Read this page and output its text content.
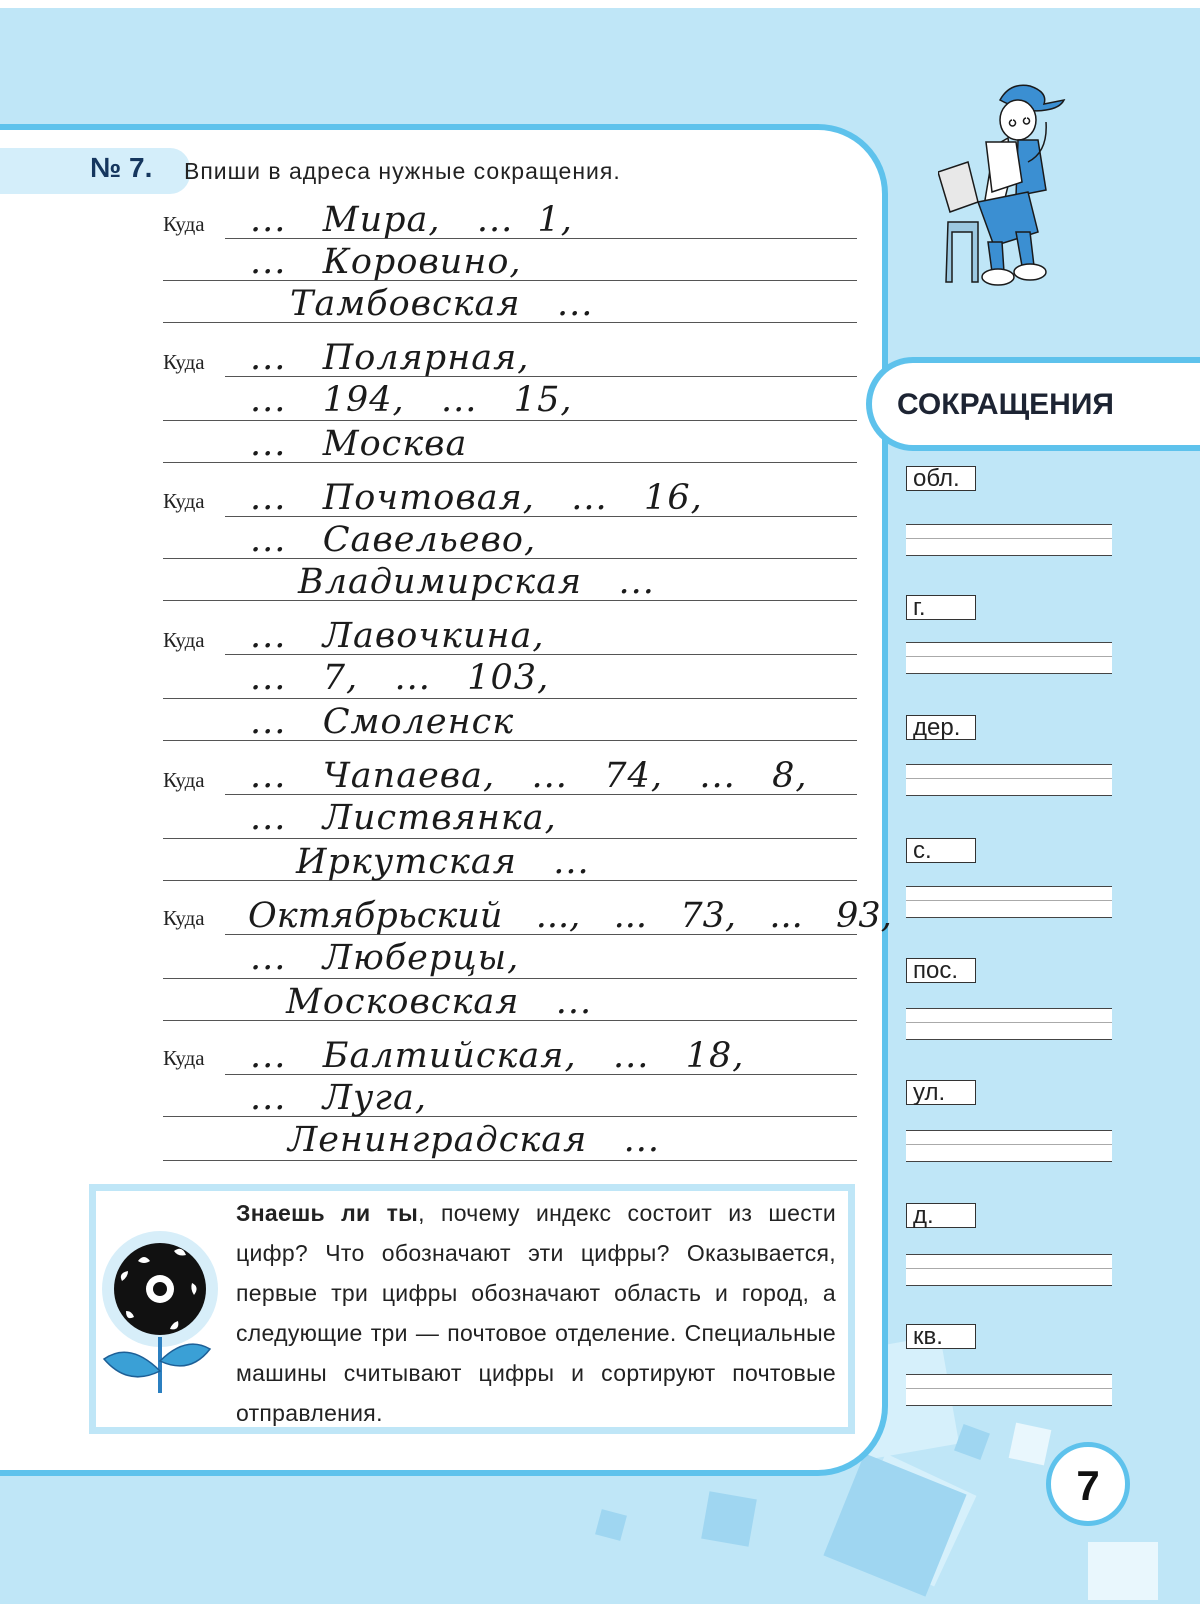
№ 7. Впиши в адреса нужные сокращения.
Куда ...   Мира,   ...  1,
...   Коровино,
Тамбовская   ...
Куда ...   Полярная,
...   194,   ...   15,
...   Москва
Куда ...   Почтовая,   ...   16,
...   Савельево,
Владимирская   ...
Куда ...   Лавочкина,
...   7,   ...   103,
...   Смоленск
Куда ...   Чапаева,   ...   74,   ...   8,
...   Листвянка,
Иркутская   ...
Куда Октябрьский   ...,   ...   73,   ...   93,
...   Люберцы,
Московская   ...
Куда ...   Балтийская,   ...   18,
...   Луга,
Ленинградская   ...
Знаешь ли ты, почему индекс состоит из шести цифр? Что обозначают эти цифры? Оказывается, первые три цифры обозначают область и город, а следующие три — почтовое отделение. Специальные машины считывают цифры и сортируют почтовые отправления.
СОКРАЩЕНИЯ
обл.
г.
дер.
с.
пос.
ул.
д.
кв.
7
